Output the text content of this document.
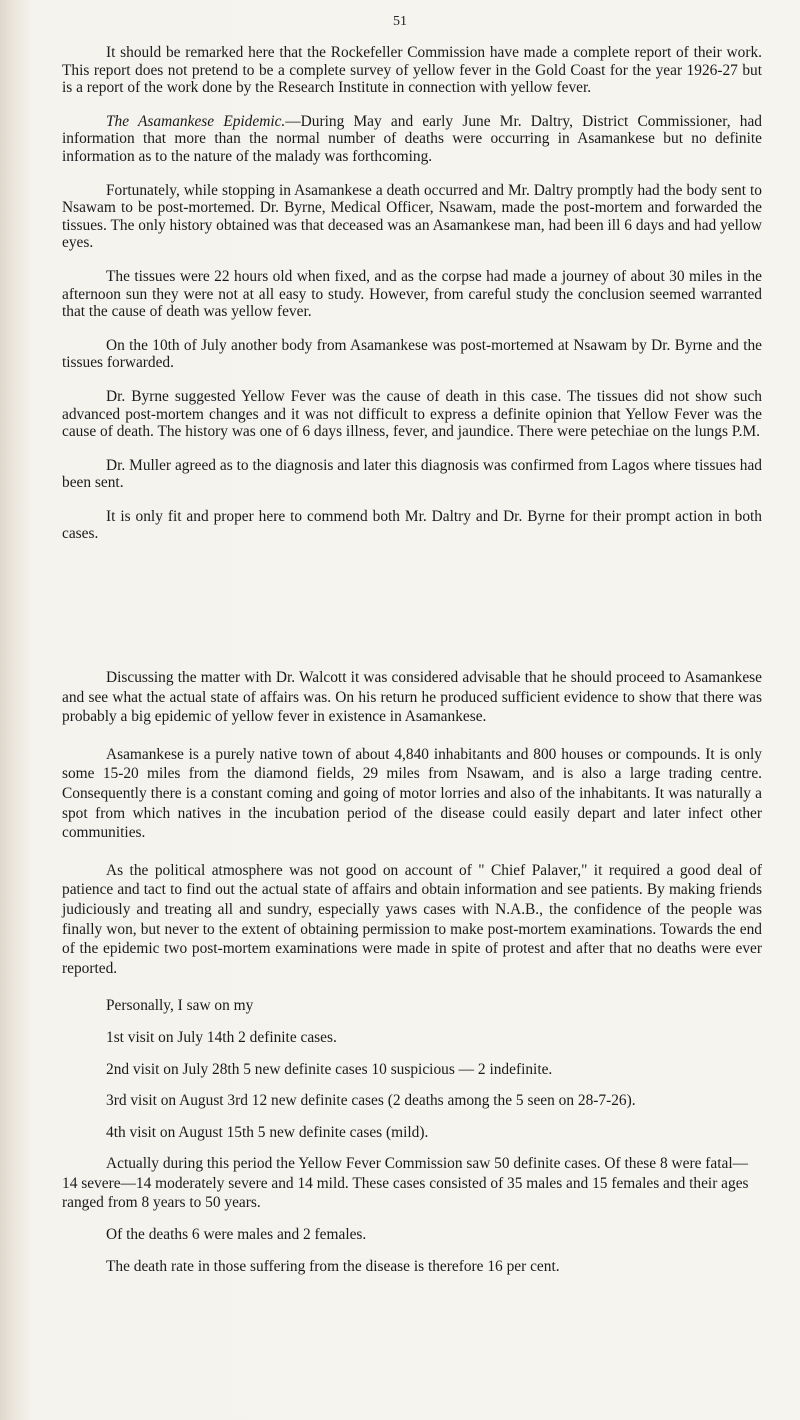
51

It should be remarked here that the Rockefeller Commission have made a complete report of their work. This report does not pretend to be a complete survey of yellow fever in the Gold Coast for the year 1926-27 but is a report of the work done by the Research Institute in connection with yellow fever.

The Asamankese Epidemic.—During May and early June Mr. Daltry, District Commissioner, had information that more than the normal number of deaths were occurring in Asamankese but no definite information as to the nature of the malady was forthcoming.

Fortunately, while stopping in Asamankese a death occurred and Mr. Daltry promptly had the body sent to Nsawam to be post-mortemed. Dr. Byrne, Medical Officer, Nsawam, made the post-mortem and forwarded the tissues. The only history obtained was that deceased was an Asamankese man, had been ill 6 days and had yellow eyes.

The tissues were 22 hours old when fixed, and as the corpse had made a journey of about 30 miles in the afternoon sun they were not at all easy to study. However, from careful study the conclusion seemed warranted that the cause of death was yellow fever.

On the 10th of July another body from Asamankese was post-mortemed at Nsawam by Dr. Byrne and the tissues forwarded.

Dr. Byrne suggested Yellow Fever was the cause of death in this case. The tissues did not show such advanced post-mortem changes and it was not difficult to express a definite opinion that Yellow Fever was the cause of death. The history was one of 6 days illness, fever, and jaundice. There were petechiae on the lungs P.M.

Dr. Muller agreed as to the diagnosis and later this diagnosis was confirmed from Lagos where tissues had been sent.

It is only fit and proper here to commend both Mr. Daltry and Dr. Byrne for their prompt action in both cases.

Discussing the matter with Dr. Walcott it was considered advisable that he should proceed to Asamankese and see what the actual state of affairs was. On his return he produced sufficient evidence to show that there was probably a big epidemic of yellow fever in existence in Asamankese.

Asamankese is a purely native town of about 4,840 inhabitants and 800 houses or compounds. It is only some 15-20 miles from the diamond fields, 29 miles from Nsawam, and is also a large trading centre. Consequently there is a constant coming and going of motor lorries and also of the inhabitants. It was naturally a spot from which natives in the incubation period of the disease could easily depart and later infect other communities.

As the political atmosphere was not good on account of " Chief Palaver," it required a good deal of patience and tact to find out the actual state of affairs and obtain information and see patients. By making friends judiciously and treating all and sundry, especially yaws cases with N.A.B., the confidence of the people was finally won, but never to the extent of obtaining permission to make post-mortem examinations. Towards the end of the epidemic two post-mortem examinations were made in spite of protest and after that no deaths were ever reported.

Personally, I saw on my

1st visit on July 14th 2 definite cases.

2nd visit on July 28th 5 new definite cases 10 suspicious — 2 indefinite.

3rd visit on August 3rd 12 new definite cases (2 deaths among the 5 seen on 28-7-26).

4th visit on August 15th 5 new definite cases (mild).

Actually during this period the Yellow Fever Commission saw 50 definite cases. Of these 8 were fatal—14 severe—14 moderately severe and 14 mild. These cases consisted of 35 males and 15 females and their ages ranged from 8 years to 50 years.

Of the deaths 6 were males and 2 females.

The death rate in those suffering from the disease is therefore 16 per cent.
